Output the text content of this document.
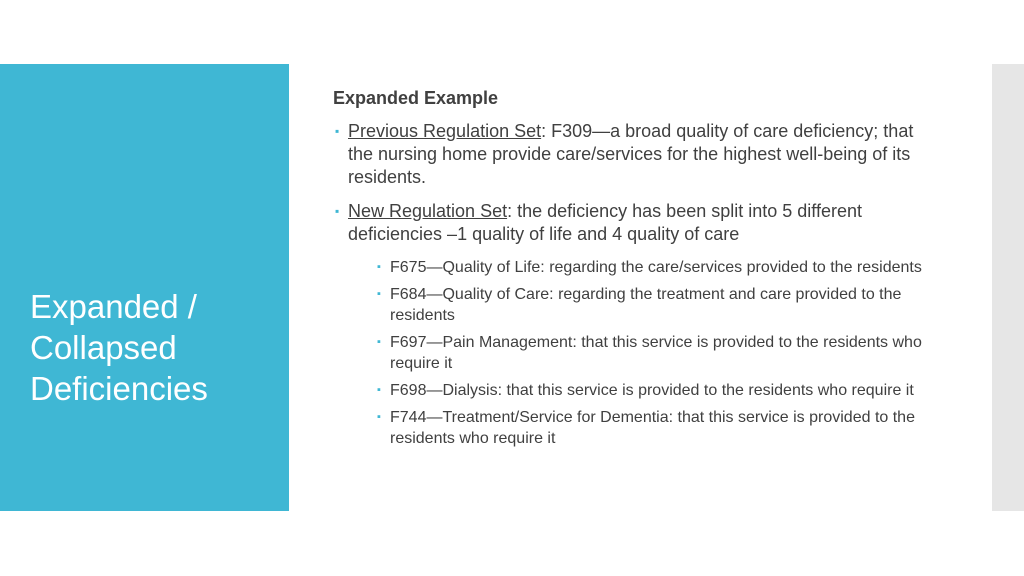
Expanded / Collapsed Deficiencies
Expanded Example
▪ Previous Regulation Set: F309—a broad quality of care deficiency; that the nursing home provide care/services for the highest well-being of its residents.
▪ New Regulation Set: the deficiency has been split into 5 different deficiencies –1 quality of life and 4 quality of care
▪ F675—Quality of Life: regarding the care/services provided to the residents
▪ F684—Quality of Care: regarding the treatment and care provided to the residents
▪ F697—Pain Management: that this service is provided to the residents who require it
▪ F698—Dialysis: that this service is provided to the residents who require it
▪ F744—Treatment/Service for Dementia: that this service is provided to the residents who require it
